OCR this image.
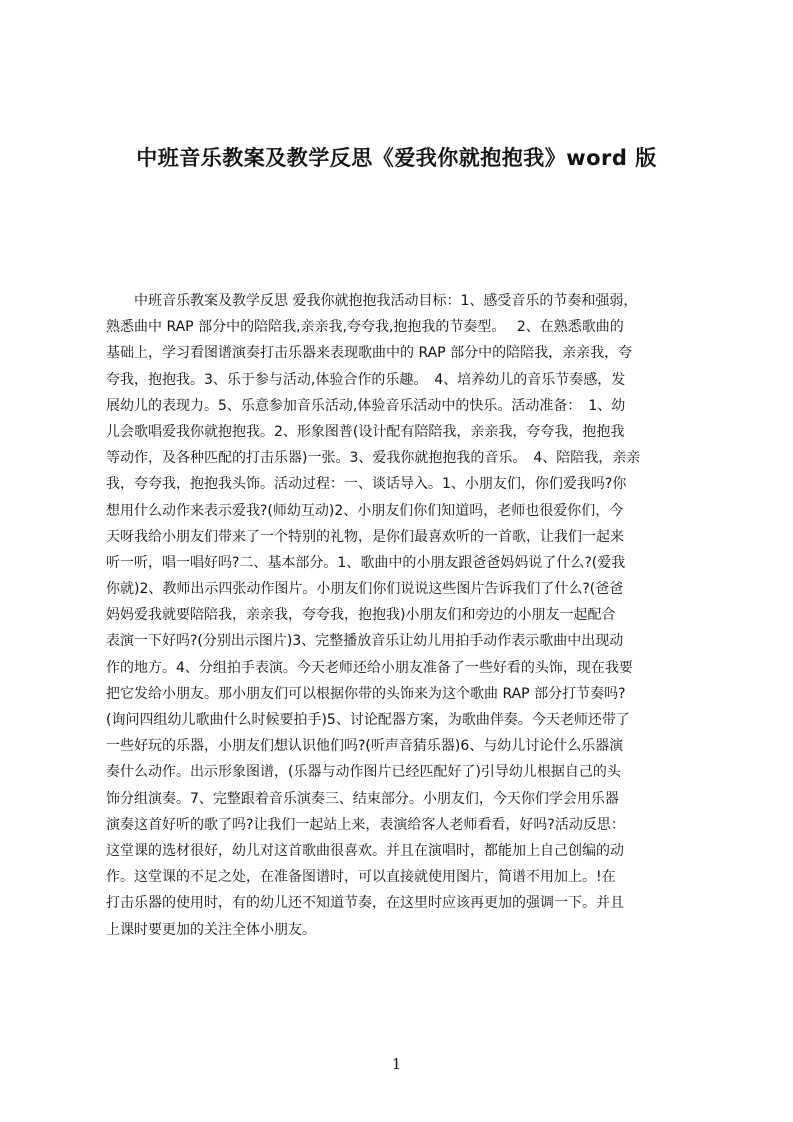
中班音乐教案及教学反思《爱我你就抱抱我》word 版
　　中班音乐教案及教学反思 爱我你就抱抱我活动目标：1、感受音乐的节奏和强弱，
熟悉曲中 RAP 部分中的陪陪我,亲亲我,夸夸我,抱抱我的节奏型。　 2、在熟悉歌曲的
基础上，学习看图谱演奏打击乐器来表现歌曲中的 RAP 部分中的陪陪我，亲亲我，夸
夸我，抱抱我。3、乐于参与活动,体验合作的乐趣。　4、培养幼儿的音乐节奏感，发
展幼儿的表现力。5、乐意参加音乐活动,体验音乐活动中的快乐。活动准备：　1、幼
儿会歌唱爱我你就抱抱我。2、形象图普(设计配有陪陪我，亲亲我，夸夸我，抱抱我
等动作，及各种匹配的打击乐器)一张。3、爱我你就抱抱我的音乐。　4、陪陪我，亲亲
我，夸夸我，抱抱我头饰。活动过程：一、谈话导入。1、小朋友们，你们爱我吗?你
想用什么动作来表示爱我?(师幼互动)2、小朋友们你们知道吗，老师也很爱你们，今
天呀我给小朋友们带来了一个特别的礼物，是你们最喜欢听的一首歌，让我们一起来
听一听，唱一唱好吗?二、基本部分。1、歌曲中的小朋友跟爸爸妈妈说了什么?(爱我
你就)2、教师出示四张动作图片。小朋友们你们说说这些图片告诉我们了什么?(爸爸
妈妈爱我就要陪陪我，亲亲我，夸夸我，抱抱我)小朋友们和旁边的小朋友一起配合
表演一下好吗?(分别出示图片)3、完整播放音乐让幼儿用拍手动作表示歌曲中出现动
作的地方。4、分组拍手表演。今天老师还给小朋友准备了一些好看的头饰，现在我要
把它发给小朋友。那小朋友们可以根据你带的头饰来为这个歌曲 RAP 部分打节奏吗?
(询问四组幼儿歌曲什么时候要拍手)5、讨论配器方案，为歌曲伴奏。今天老师还带了
一些好玩的乐器，小朋友们想认识他们吗?(听声音猜乐器)6、与幼儿讨论什么乐器演
奏什么动作。出示形象图谱，(乐器与动作图片已经匹配好了)引导幼儿根据自己的头
饰分组演奏。7、完整跟着音乐演奏三、结束部分。小朋友们，今天你们学会用乐器
演奏这首好听的歌了吗?让我们一起站上来，表演给客人老师看看，好吗?活动反思：
这堂课的选材很好，幼儿对这首歌曲很喜欢。并且在演唱时，都能加上自己创编的动
作。这堂课的不足之处，在准备图谱时，可以直接就使用图片，简谱不用加上。!在
打击乐器的使用时，有的幼儿还不知道节奏，在这里时应该再更加的强调一下。并且
上课时要更加的关注全体小朋友。
1
